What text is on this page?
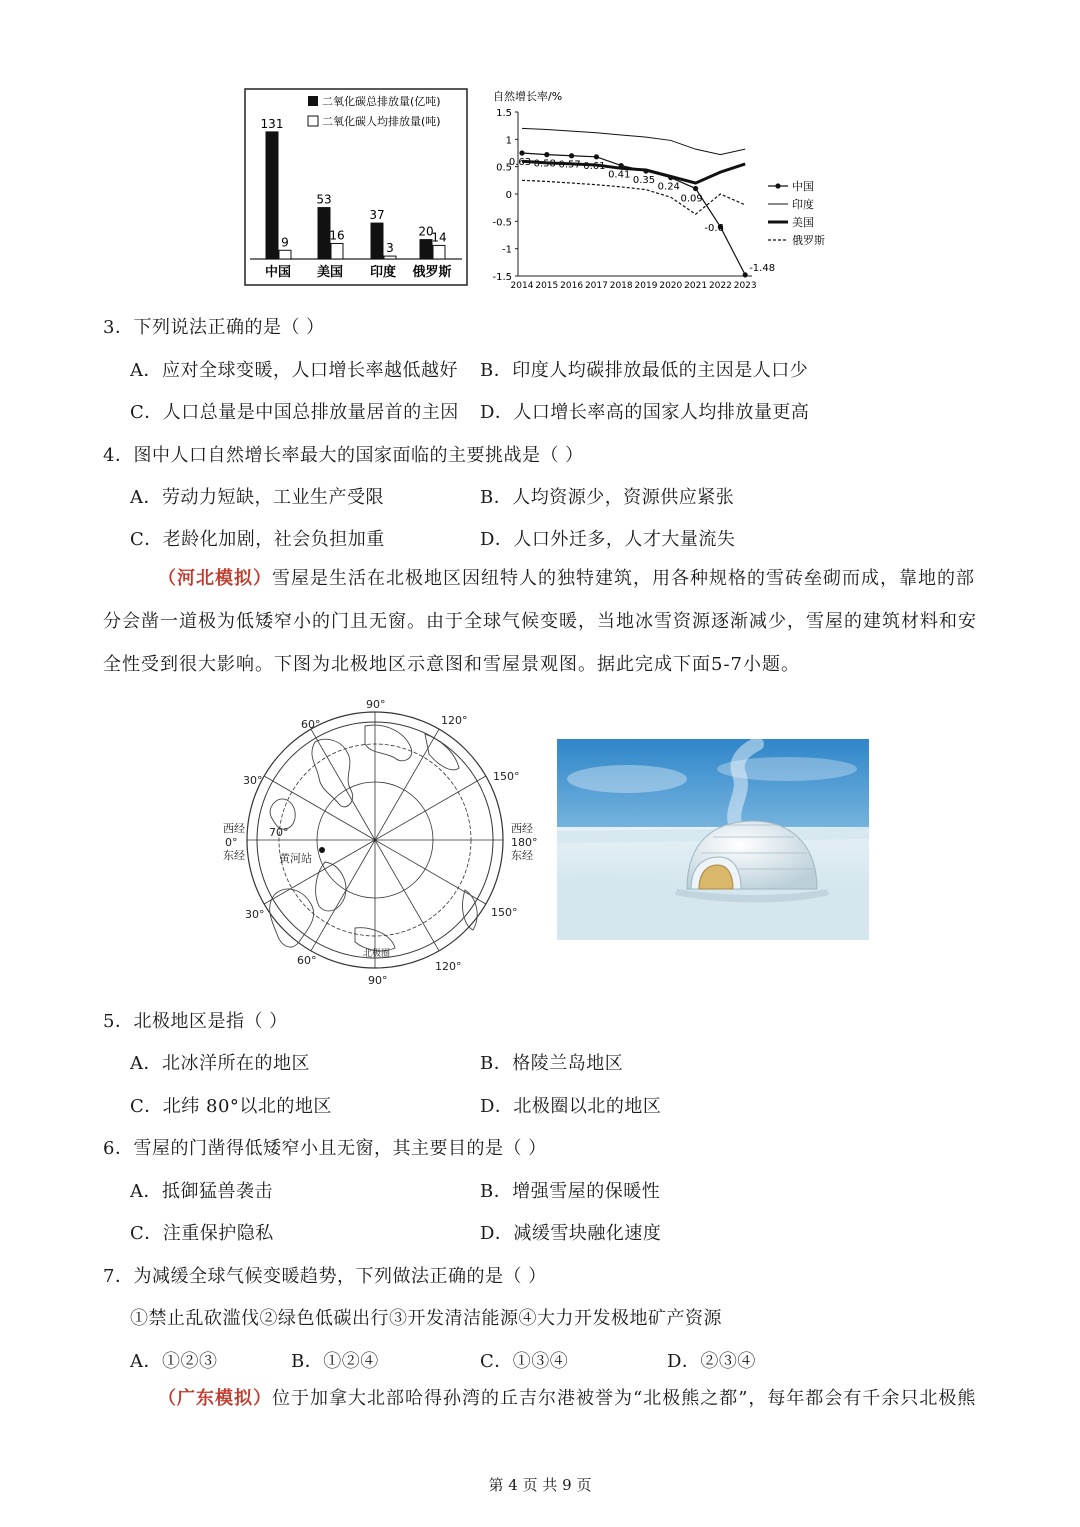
二氧化碳总排放量(亿吨)
二氧化碳人均排放量(吨)
131
9
中国
53
16
美国
37
3
印度
20
14
俄罗斯
自然增长率/%
1.5
1
0.5
0
-0.5
-1
-1.5
2014 2015 2016 2017 2018 2019 2020 2021 2022 2023
0.63 0.58 0.57 0.61
0.41 0.35
0.24
0.09
-0.6
-1.48
中国
印度
美国
俄罗斯
3．下列说法正确的是（ ）
A．应对全球变暖，人口增长率越低越好 B．印度人均碳排放最低的主因是人口少
C．人口总量是中国总排放量居首的主因 D．人口增长率高的国家人均排放量更高
4．图中人口自然增长率最大的国家面临的主要挑战是（ ）
A．劳动力短缺，工业生产受限	B．人均资源少，资源供应紧张
C．老龄化加剧，社会负担加重	D．人口外迁多，人才大量流失
（河北模拟）雪屋是生活在北极地区因纽特人的独特建筑，用各种规格的雪砖垒砌而成，靠地的部分会凿一道极为低矮窄小的门且无窗。由于全球气候变暖，当地冰雪资源逐渐减少，雪屋的建筑材料和安全性受到很大影响。下图为北极地区示意图和雪屋景观图。据此完成下面5-7小题。
90°
90°
60°	120°
30°	150°
70°
西经
0°
东经
西经
180°
东经
黄河站
30°	150°
60°	120°
北极圈
5．北极地区是指（ ）
A．北冰洋所在的地区	B．格陵兰岛地区
C．北纬 80°以北的地区	D．北极圈以北的地区
6．雪屋的门凿得低矮窄小且无窗，其主要目的是（ ）
A．抵御猛兽袭击	B．增强雪屋的保暖性
C．注重保护隐私	D．减缓雪块融化速度
7．为减缓全球气候变暖趋势，下列做法正确的是（ ）
①禁止乱砍滥伐②绿色低碳出行③开发清洁能源④大力开发极地矿产资源
A．①②③	B．①②④	C．①③④	D．②③④
（广东模拟）位于加拿大北部哈得孙湾的丘吉尔港被誉为“北极熊之都”，每年都会有千余只北极熊
第 4 页 共 9 页
